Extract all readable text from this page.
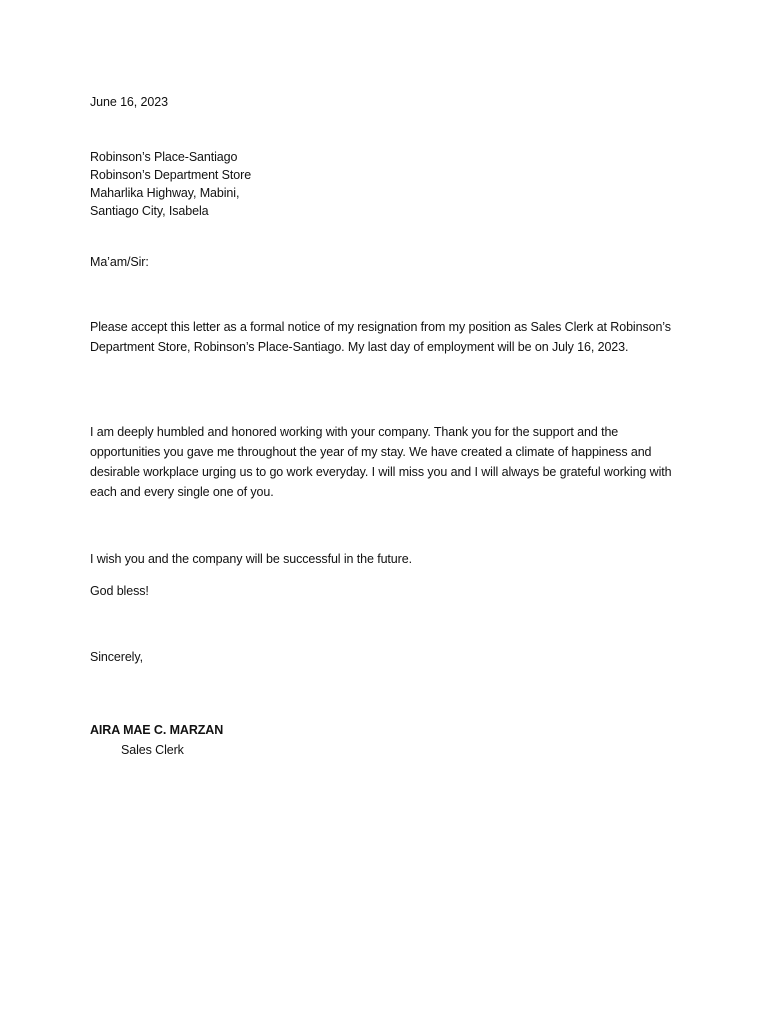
June 16, 2023
Robinson’s Place-Santiago
Robinson’s Department Store
Maharlika Highway, Mabini,
Santiago City, Isabela
Ma’am/Sir:
Please accept this letter as a formal notice of my resignation from my position as Sales Clerk at Robinson’s Department Store, Robinson’s Place-Santiago. My last day of employment will be on July 16, 2023.
I am deeply humbled and honored working with your company. Thank you for the support and the opportunities you gave me throughout the year of my stay. We have created a climate of happiness and desirable workplace urging us to go work everyday. I will miss you and I will always be grateful working with each and every single one of you.
I wish you and the company will be successful in the future.
God bless!
Sincerely,
AIRA MAE C. MARZAN
Sales Clerk
